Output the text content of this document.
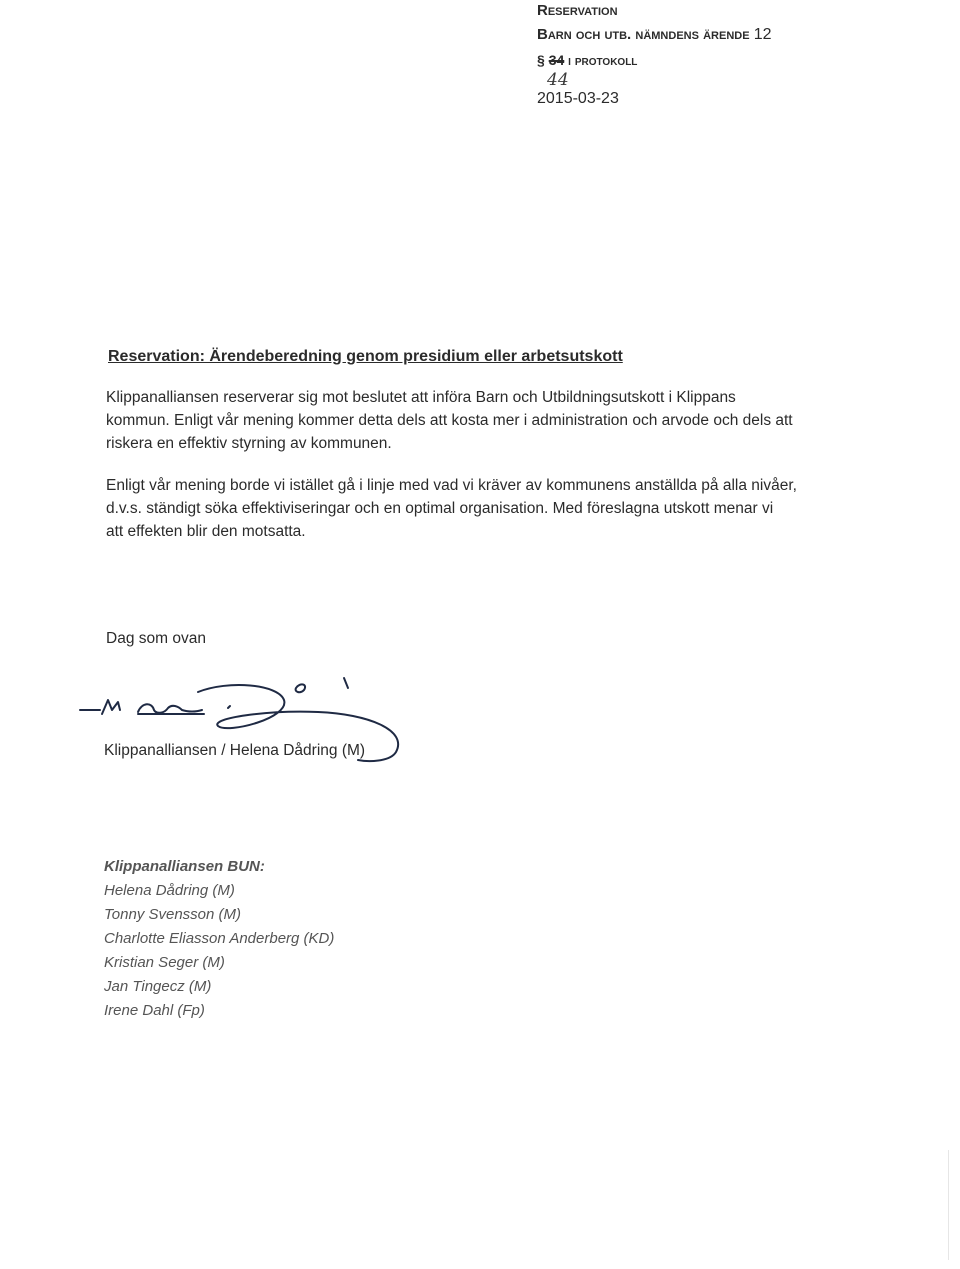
Reservation
Barn och utb. nämndens ärende 12
§ 34 i protokoll
44
2015-03-23
Reservation: Ärendeberedning genom presidium eller arbetsutskott
Klippanalliansen reserverar sig mot beslutet att införa Barn och Utbildningsutskott i Klippans
kommun. Enligt vår mening kommer detta dels att kosta mer i administration och arvode och dels att
riskera en effektiv styrning av kommunen.
Enligt vår mening borde vi istället gå i linje med vad vi kräver av kommunens anställda på alla nivåer,
d.v.s. ständigt söka effektiviseringar och en optimal organisation. Med föreslagna utskott menar vi
att effekten blir den motsatta.
Dag som ovan
Klippanalliansen / Helena Dådring (M)
Klippanalliansen BUN:
Helena Dådring (M)
Tonny Svensson (M)
Charlotte Eliasson Anderberg (KD)
Kristian Seger (M)
Jan Tingecz (M)
Irene Dahl (Fp)
